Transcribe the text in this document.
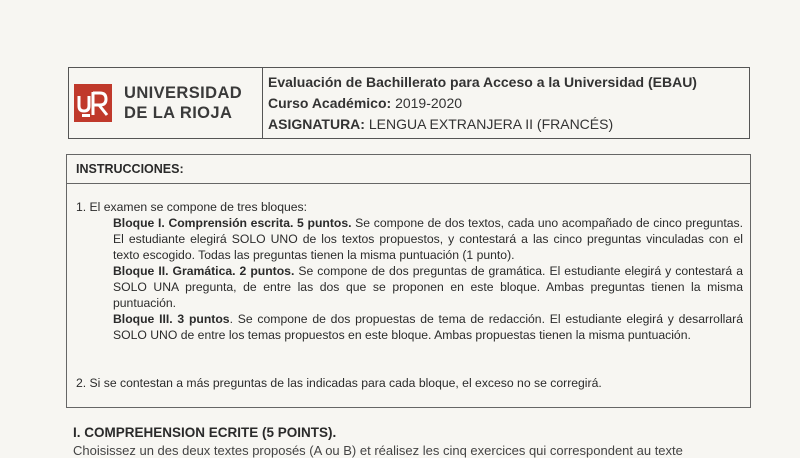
UNIVERSIDAD
DE LA RIOJA
Evaluación de Bachillerato para Acceso a la Universidad (EBAU)
Curso Académico: 2019-2020
ASIGNATURA: LENGUA EXTRANJERA II (FRANCÉS)
INSTRUCCIONES:
1. El examen se compone de tres bloques:
Bloque I. Comprensión escrita. 5 puntos. Se compone de dos textos, cada uno acompañado de cinco preguntas. El estudiante elegirá SOLO UNO de los textos propuestos, y contestará a las cinco preguntas vinculadas con el texto escogido. Todas las preguntas tienen la misma puntuación (1 punto).
Bloque II. Gramática. 2 puntos. Se compone de dos preguntas de gramática. El estudiante elegirá y contestará a SOLO UNA pregunta, de entre las dos que se proponen en este bloque. Ambas preguntas tienen la misma puntuación.
Bloque III. 3 puntos. Se compone de dos propuestas de tema de redacción. El estudiante elegirá y desarrollará SOLO UNO de entre los temas propuestos en este bloque. Ambas propuestas tienen la misma puntuación.
2. Si se contestan a más preguntas de las indicadas para cada bloque, el exceso no se corregirá.
I. COMPREHENSION ECRITE (5 POINTS).
Choisissez un des deux textes proposés (A ou B) et réalisez les cinq exercices qui correspondent au texte
